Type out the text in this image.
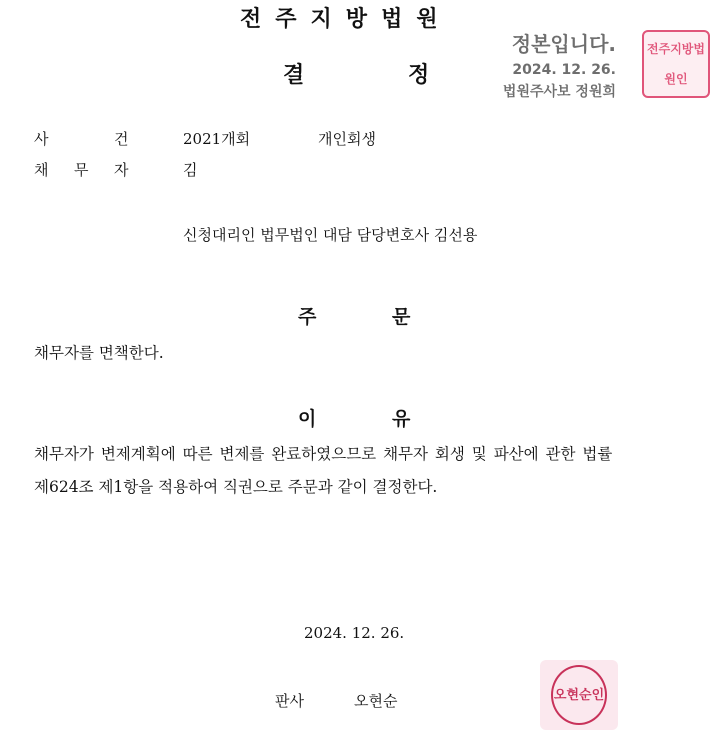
전 주 지 방 법 원
결	정
정본입니다.
2024. 12. 26.
법원주사보 정원희
전 주 지 방 법
원 인
사	건	2021개회	개인회생
채 무 자	김
신청대리인 법무법인 대담 담당변호사 김선용
주	문
채무자를 면책한다.
이	유
채무자가 변제계획에 따른 변제를 완료하였으므로 채무자 회생 및 파산에 관한 법률
제624조 제1항을 적용하여 직권으로 주문과 같이 결정한다.
2024. 12. 26.
판사	오현순	오 현 순 인
